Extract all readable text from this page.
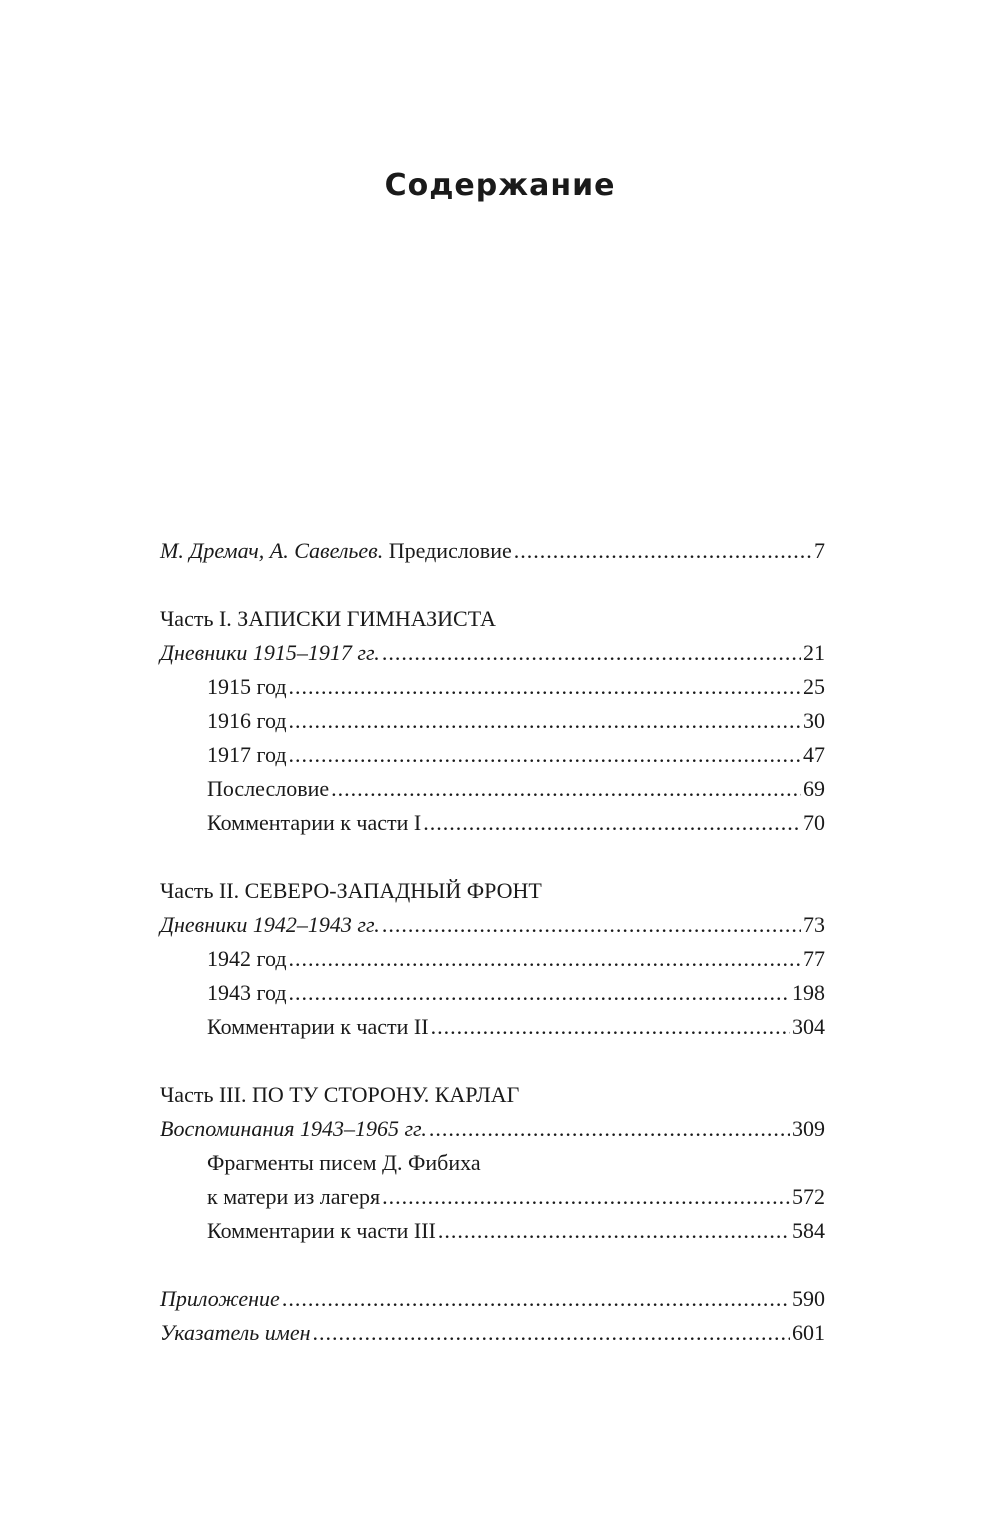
Содержание
М. Дремач, А. Савельев. Предисловие .....	7
Часть I. ЗАПИСКИ ГИМНАЗИСТА
Дневники 1915–1917 гг. .....	21
1915 год .....	25
1916 год .....	30
1917 год .....	47
Послесловие .....	69
Комментарии к части I .....	70
Часть II. СЕВЕРО-ЗАПАДНЫЙ ФРОНТ
Дневники 1942–1943 гг. .....	73
1942 год .....	77
1943 год .....	198
Комментарии к части II .....	304
Часть III. ПО ТУ СТОРОНУ. КАРЛАГ
Воспоминания 1943–1965 гг. .....	309
Фрагменты писем Д. Фибиха
к матери из лагеря .....	572
Комментарии к части III .....	584
Приложение .....	590
Указатель имен .....	601
